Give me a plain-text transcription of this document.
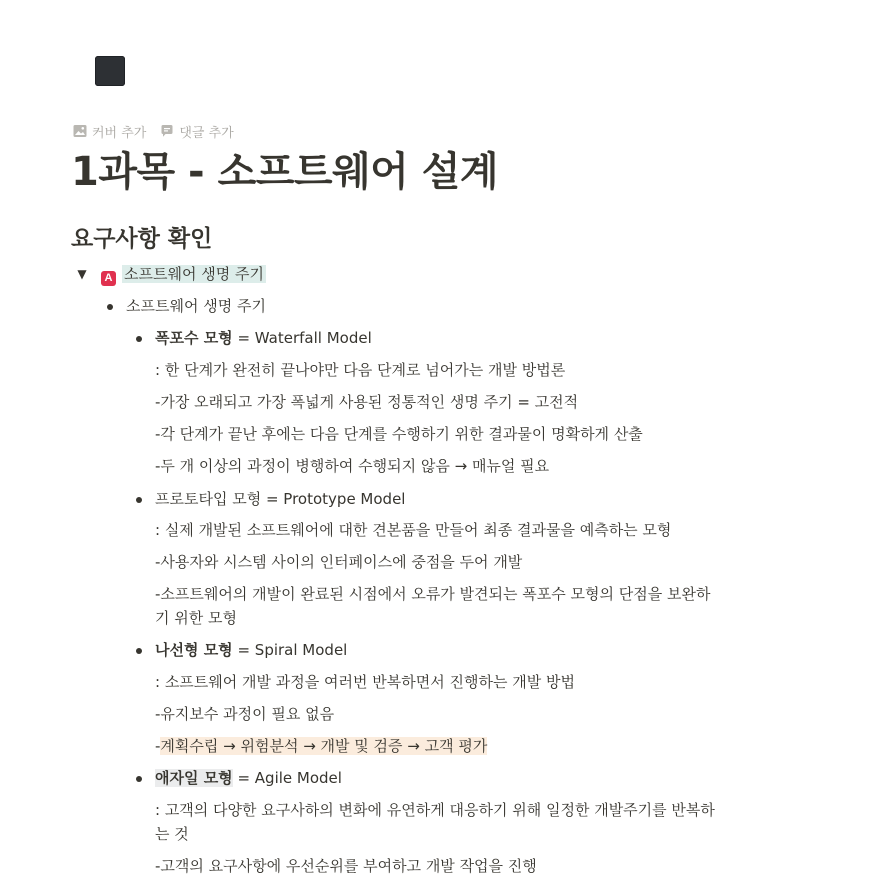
커버 추가	댓글 추가
1과목 - 소프트웨어 설계
요구사항 확인
▼	A 소프트웨어 생명 주기
소프트웨어 생명 주기
폭포수 모형 = Waterfall Model
: 한 단계가 완전히 끝나야만 다음 단계로 넘어가는 개발 방법론
-가장 오래되고 가장 폭넓게 사용된 정통적인 생명 주기 = 고전적
-각 단계가 끝난 후에는 다음 단계를 수행하기 위한 결과물이 명확하게 산출
-두 개 이상의 과정이 병행하여 수행되지 않음 → 매뉴얼 필요
프로토타입 모형 = Prototype Model
: 실제 개발된 소프트웨어에 대한 견본품을 만들어 최종 결과물을 예측하는 모형
-사용자와 시스템 사이의 인터페이스에 중점을 두어 개발
-소프트웨어의 개발이 완료된 시점에서 오류가 발견되는 폭포수 모형의 단점을 보완하
기 위한 모형
나선형 모형 = Spiral Model
: 소프트웨어 개발 과정을 여러번 반복하면서 진행하는 개발 방법
-유지보수 과정이 필요 없음
-계획수립 → 위험분석 → 개발 및 검증 → 고객 평가
애자일 모형 = Agile Model
: 고객의 다양한 요구사하의 변화에 유연하게 대응하기 위해 일정한 개발주기를 반복하
는 것
-고객의 요구사항에 우선순위를 부여하고 개발 작업을 진행
